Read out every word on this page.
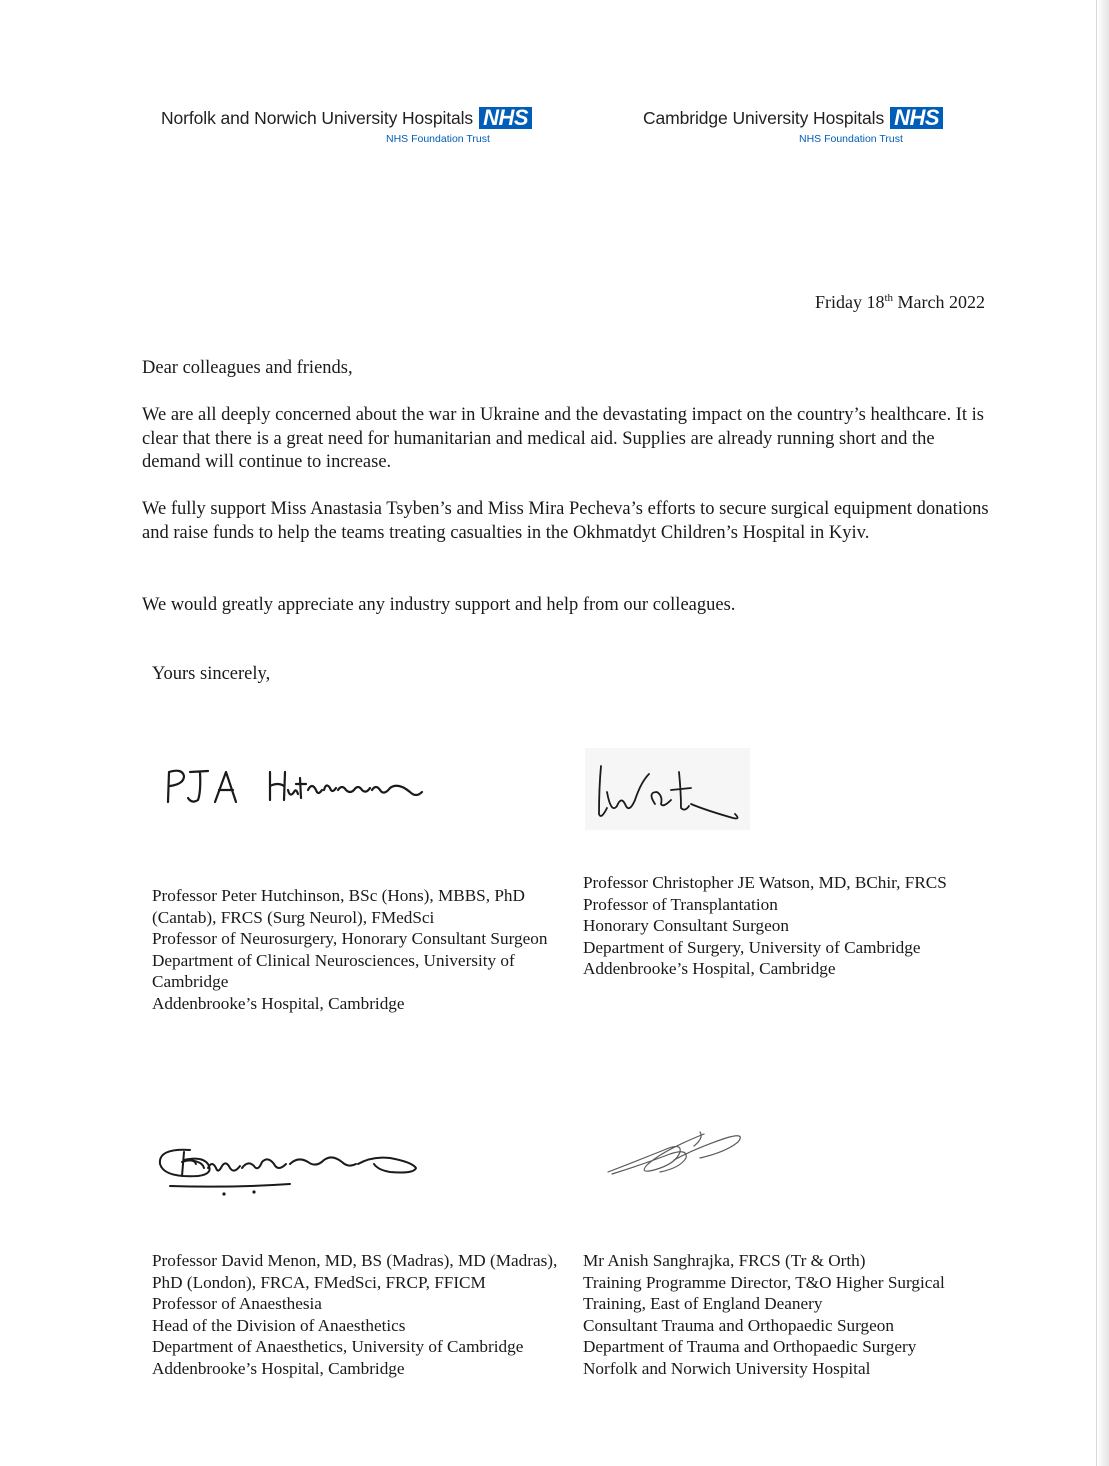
Norfolk and Norwich University Hospitals NHS
NHS Foundation Trust
Cambridge University Hospitals NHS
NHS Foundation Trust
Friday 18th March 2022
Dear colleagues and friends,

We are all deeply concerned about the war in Ukraine and the devastating impact on the country’s healthcare. It is clear that there is a great need for humanitarian and medical aid. Supplies are already running short and the demand will continue to increase.

We fully support Miss Anastasia Tsyben’s and Miss Mira Pecheva’s efforts to secure surgical equipment donations and raise funds to help the teams treating casualties in the Okhmatdyt Children’s Hospital in Kyiv.

We would greatly appreciate any industry support and help from our colleagues.

Yours sincerely,
Professor Peter Hutchinson, BSc (Hons), MBBS, PhD (Cantab), FRCS (Surg Neurol), FMedSci
Professor of Neurosurgery, Honorary Consultant Surgeon
Department of Clinical Neurosciences, University of Cambridge
Addenbrooke’s Hospital, Cambridge
Professor Christopher JE Watson, MD, BChir, FRCS
Professor of Transplantation
Honorary Consultant Surgeon
Department of Surgery, University of Cambridge
Addenbrooke’s Hospital, Cambridge
Professor David Menon, MD, BS (Madras), MD (Madras), PhD (London), FRCA, FMedSci, FRCP, FFICM
Professor of Anaesthesia
Head of the Division of Anaesthetics
Department of Anaesthetics, University of Cambridge
Addenbrooke’s Hospital, Cambridge
Mr Anish Sanghrajka, FRCS (Tr & Orth)
Training Programme Director, T&O Higher Surgical Training, East of England Deanery
Consultant Trauma and Orthopaedic Surgeon
Department of Trauma and Orthopaedic Surgery
Norfolk and Norwich University Hospital
